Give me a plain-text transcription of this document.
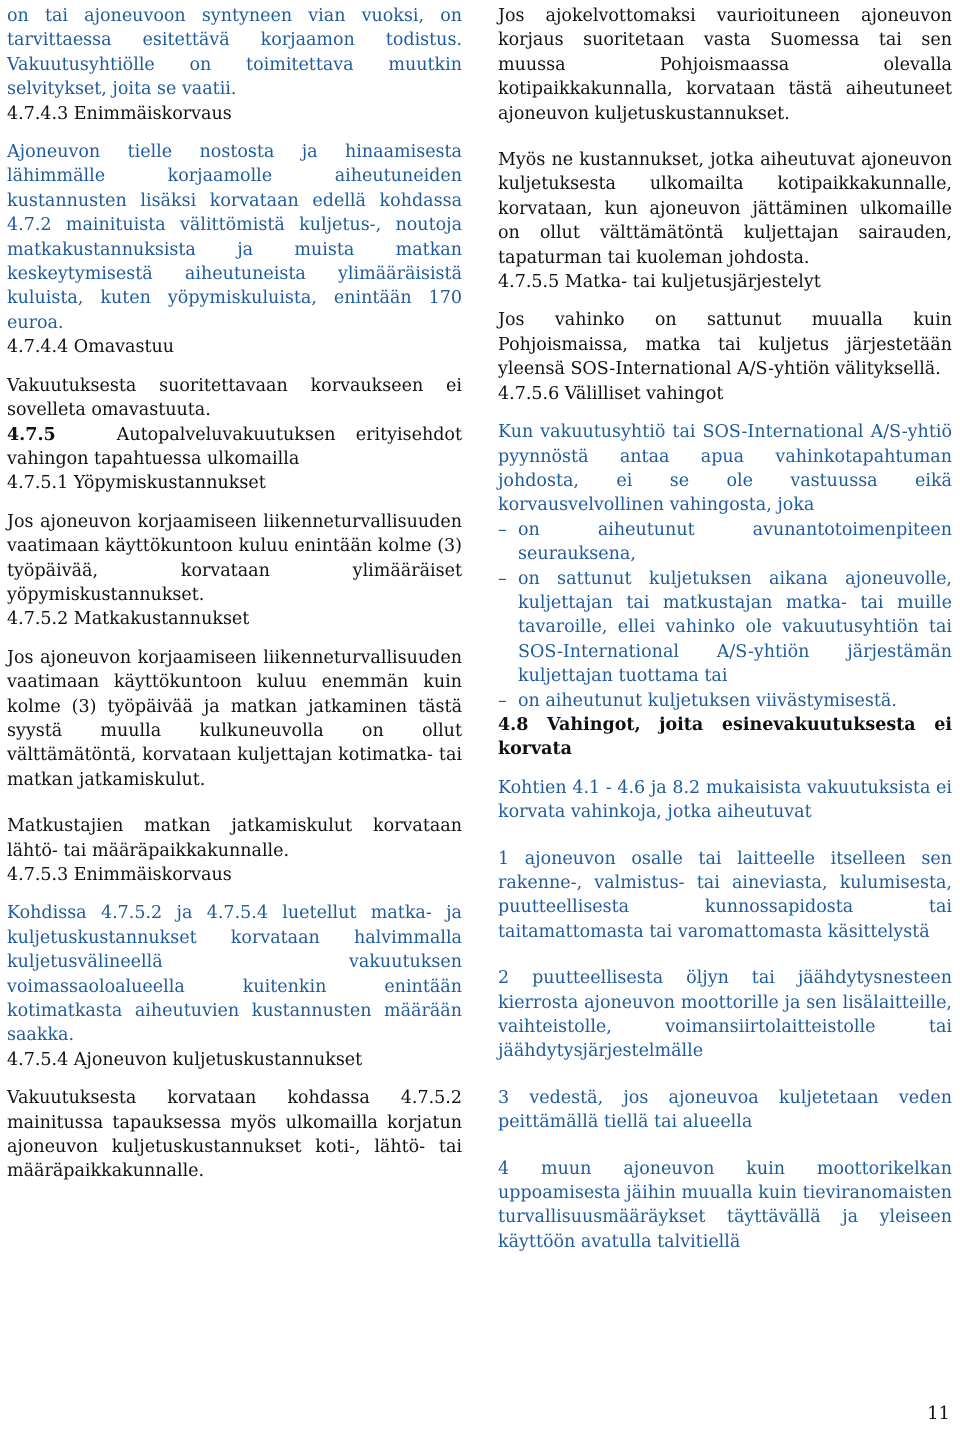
on tai ajoneuvoon syntyneen vian vuoksi, on tarvittaessa esitettävä korjaamon todistus. Vakuutusyhtiölle on toimitettava muutkin selvitykset, joita se vaatii.

4.7.4.3 Enimmäiskorvaus

Ajoneuvon tielle nostosta ja hinaamisesta lähimmälle korjaamolle aiheutuneiden kustannusten lisäksi korvataan edellä kohdassa 4.7.2 mainituista välittömistä kuljetus-, noutoja matkakustannuksista ja muista matkan keskeytymisestä aiheutuneista ylimääräisistä kuluista, kuten yöpymiskuluista, enintään 170 euroa.

4.7.4.4 Omavastuu

Vakuutuksesta suoritettavaan korvaukseen ei sovelleta omavastuuta.

4.7.5	Autopalveluvakuutuksen erityisehdot vahingon tapahtuessa ulkomailla

4.7.5.1 Yöpymiskustannukset

Jos ajoneuvon korjaamiseen liikenneturvallisuuden vaatimaan käyttökuntoon kuluu enintään kolme (3) työpäivää, korvataan ylimääräiset yöpymiskustannukset.

4.7.5.2 Matkakustannukset

Jos ajoneuvon korjaamiseen liikenneturvallisuuden vaatimaan käyttökuntoon kuluu enemmän kuin kolme (3) työpäivää ja matkan jatkaminen tästä syystä muulla kulkuneuvolla on ollut välttämätöntä, korvataan kuljettajan kotimatka- tai matkan jatkamiskulut.

Matkustajien matkan jatkamiskulut korvataan lähtö- tai määräpaikkakunnalle.

4.7.5.3 Enimmäiskorvaus

Kohdissa 4.7.5.2 ja 4.7.5.4 luetellut matka- ja kuljetuskustannukset korvataan halvimmalla kuljetusvälineellä vakuutuksen voimassaoloalueella kuitenkin enintään kotimatkasta aiheutuvien kustannusten määrään saakka.

4.7.5.4 Ajoneuvon kuljetuskustannukset

Vakuutuksesta korvataan kohdassa 4.7.5.2 mainitussa tapauksessa myös ulkomailla korjatun ajoneuvon kuljetuskustannukset koti-, lähtö- tai määräpaikkakunnalle.

Jos ajokelvottomaksi vaurioituneen ajoneuvon korjaus suoritetaan vasta Suomessa tai sen muussa Pohjoismaassa olevalla kotipaikkakunnalla, korvataan tästä aiheutuneet ajoneuvon kuljetuskustannukset.

Myös ne kustannukset, jotka aiheutuvat ajoneuvon kuljetuksesta ulkomailta kotipaikkakunnalle, korvataan, kun ajoneuvon jättäminen ulkomaille on ollut välttämätöntä kuljettajan sairauden, tapaturman tai kuoleman johdosta.

4.7.5.5 Matka- tai kuljetusjärjestelyt

Jos vahinko on sattunut muualla kuin Pohjoismaissa, matka tai kuljetus järjestetään yleensä SOS-International A/S-yhtiön välityksellä.

4.7.5.6 Välilliset vahingot

Kun vakuutusyhtiö tai SOS-International A/S-yhtiö pyynnöstä antaa apua vahinkotapahtuman johdosta, ei se ole vastuussa eikä korvausvelvollinen vahingosta, joka

– on aiheutunut avunantotoimenpiteen seurauksena,

– on sattunut kuljetuksen aikana ajoneuvolle, kuljettajan tai matkustajan matka- tai muille tavaroille, ellei vahinko ole vakuutusyhtiön tai SOS-International A/S-yhtiön järjestämän kuljettajan tuottama tai

– on aiheutunut kuljetuksen viivästymisestä.

4.8 Vahingot, joita esinevakuutuksesta ei korvata

Kohtien 4.1 - 4.6 ja 8.2 mukaisista vakuutuksista ei korvata vahinkoja, jotka aiheutuvat

1 ajoneuvon osalle tai laitteelle itselleen sen rakenne-, valmistus- tai aineviasta, kulumisesta, puutteellisesta kunnossapidosta tai taitamattomasta tai varomattomasta käsittelystä

2 puutteellisesta öljyn tai jäähdytysnesteen kierrosta ajoneuvon moottorille ja sen lisälaitteille, vaihteistolle, voimansiirtolaitteistolle tai jäähdytysjärjestelmälle

3 vedestä, jos ajoneuvoa kuljetetaan veden peittämällä tiellä tai alueella

4 muun ajoneuvon kuin moottorikelkan uppoamisesta jäihin muualla kuin tieviranomaisten turvallisuusmääräykset täyttävällä ja yleiseen käyttöön avatulla talvitiellä

11
